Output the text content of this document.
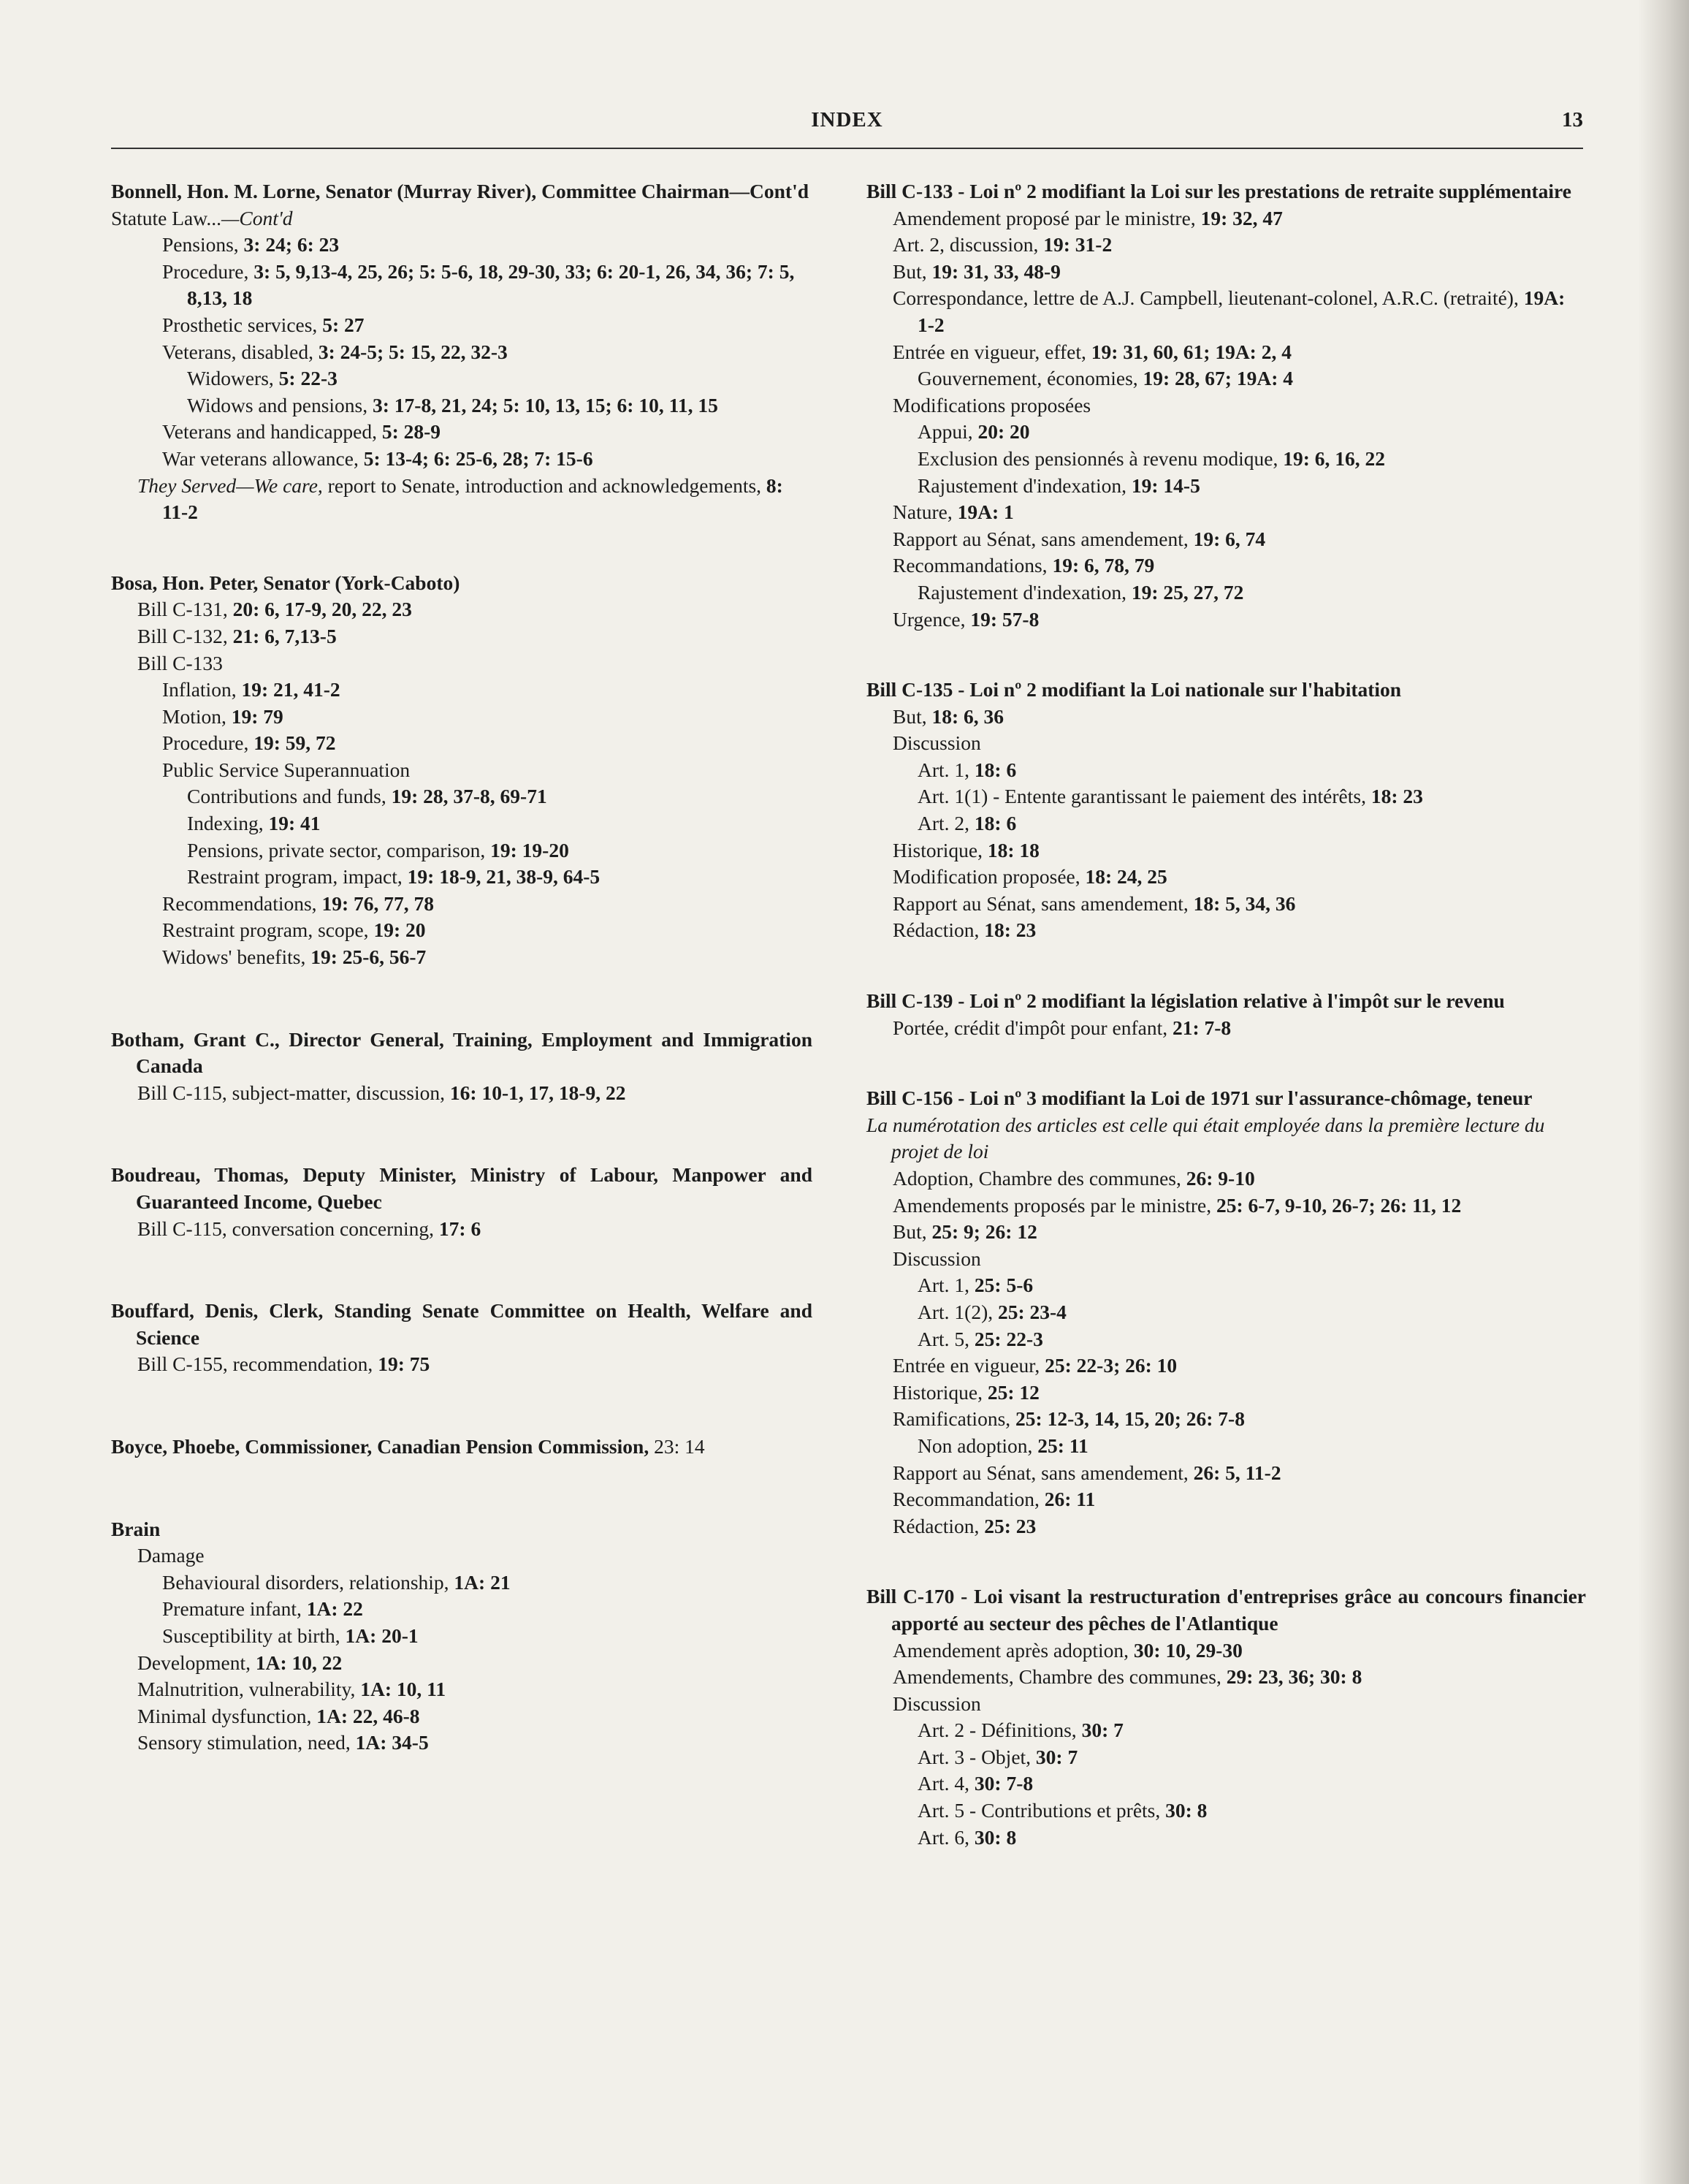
INDEX	13
Bonnell, Hon. M. Lorne, Senator (Murray River), Committee Chairman—Cont'd
Statute Law...—Cont'd
Pensions, 3: 24; 6: 23
Procedure, 3: 5, 9,13-4, 25, 26; 5: 5-6, 18, 29-30, 33; 6: 20-1, 26, 34, 36; 7: 5, 8,13, 18
Prosthetic services, 5: 27
Veterans, disabled, 3: 24-5; 5: 15, 22, 32-3
Widowers, 5: 22-3
Widows and pensions, 3: 17-8, 21, 24; 5: 10, 13, 15; 6: 10, 11, 15
Veterans and handicapped, 5: 28-9
War veterans allowance, 5: 13-4; 6: 25-6, 28; 7: 15-6
They Served—We care, report to Senate, introduction and acknowledgements, 8: 11-2
Bosa, Hon. Peter, Senator (York-Caboto)
Bill C-131, 20: 6, 17-9, 20, 22, 23
Bill C-132, 21: 6, 7,13-5
Bill C-133
Inflation, 19: 21, 41-2
Motion, 19: 79
Procedure, 19: 59, 72
Public Service Superannuation
Contributions and funds, 19: 28, 37-8, 69-71
Indexing, 19: 41
Pensions, private sector, comparison, 19: 19-20
Restraint program, impact, 19: 18-9, 21, 38-9, 64-5
Recommendations, 19: 76, 77, 78
Restraint program, scope, 19: 20
Widows' benefits, 19: 25-6, 56-7
Botham, Grant C., Director General, Training, Employment and Immigration Canada
Bill C-115, subject-matter, discussion, 16: 10-1, 17, 18-9, 22
Boudreau, Thomas, Deputy Minister, Ministry of Labour, Manpower and Guaranteed Income, Quebec
Bill C-115, conversation concerning, 17: 6
Bouffard, Denis, Clerk, Standing Senate Committee on Health, Welfare and Science
Bill C-155, recommendation, 19: 75
Boyce, Phoebe, Commissioner, Canadian Pension Commission, 23: 14
Brain
Damage
Behavioural disorders, relationship, 1A: 21
Premature infant, 1A: 22
Susceptibility at birth, 1A: 20-1
Development, 1A: 10, 22
Malnutrition, vulnerability, 1A: 10, 11
Minimal dysfunction, 1A: 22, 46-8
Sensory stimulation, need, 1A: 34-5
Bill C-133 - Loi nº 2 modifiant la Loi sur les prestations de retraite supplémentaire
Amendement proposé par le ministre, 19: 32, 47
Art. 2, discussion, 19: 31-2
But, 19: 31, 33, 48-9
Correspondance, lettre de A.J. Campbell, lieutenant-colonel, A.R.C. (retraité), 19A: 1-2
Entrée en vigueur, effet, 19: 31, 60, 61; 19A: 2, 4
Gouvernement, économies, 19: 28, 67; 19A: 4
Modifications proposées
Appui, 20: 20
Exclusion des pensionnés à revenu modique, 19: 6, 16, 22
Rajustement d'indexation, 19: 14-5
Nature, 19A: 1
Rapport au Sénat, sans amendement, 19: 6, 74
Recommandations, 19: 6, 78, 79
Rajustement d'indexation, 19: 25, 27, 72
Urgence, 19: 57-8
Bill C-135 - Loi nº 2 modifiant la Loi nationale sur l'habitation
But, 18: 6, 36
Discussion
Art. 1, 18: 6
Art. 1(1) - Entente garantissant le paiement des intérêts, 18: 23
Art. 2, 18: 6
Historique, 18: 18
Modification proposée, 18: 24, 25
Rapport au Sénat, sans amendement, 18: 5, 34, 36
Rédaction, 18: 23
Bill C-139 - Loi nº 2 modifiant la législation relative à l'impôt sur le revenu
Portée, crédit d'impôt pour enfant, 21: 7-8
Bill C-156 - Loi nº 3 modifiant la Loi de 1971 sur l'assurance-chômage, teneur
La numérotation des articles est celle qui était employée dans la première lecture du projet de loi
Adoption, Chambre des communes, 26: 9-10
Amendements proposés par le ministre, 25: 6-7, 9-10, 26-7; 26: 11, 12
But, 25: 9; 26: 12
Discussion
Art. 1, 25: 5-6
Art. 1(2), 25: 23-4
Art. 5, 25: 22-3
Entrée en vigueur, 25: 22-3; 26: 10
Historique, 25: 12
Ramifications, 25: 12-3, 14, 15, 20; 26: 7-8
Non adoption, 25: 11
Rapport au Sénat, sans amendement, 26: 5, 11-2
Recommandation, 26: 11
Rédaction, 25: 23
Bill C-170 - Loi visant la restructuration d'entreprises grâce au concours financier apporté au secteur des pêches de l'Atlantique
Amendement après adoption, 30: 10, 29-30
Amendements, Chambre des communes, 29: 23, 36; 30: 8
Discussion
Art. 2 - Définitions, 30: 7
Art. 3 - Objet, 30: 7
Art. 4, 30: 7-8
Art. 5 - Contributions et prêts, 30: 8
Art. 6, 30: 8
